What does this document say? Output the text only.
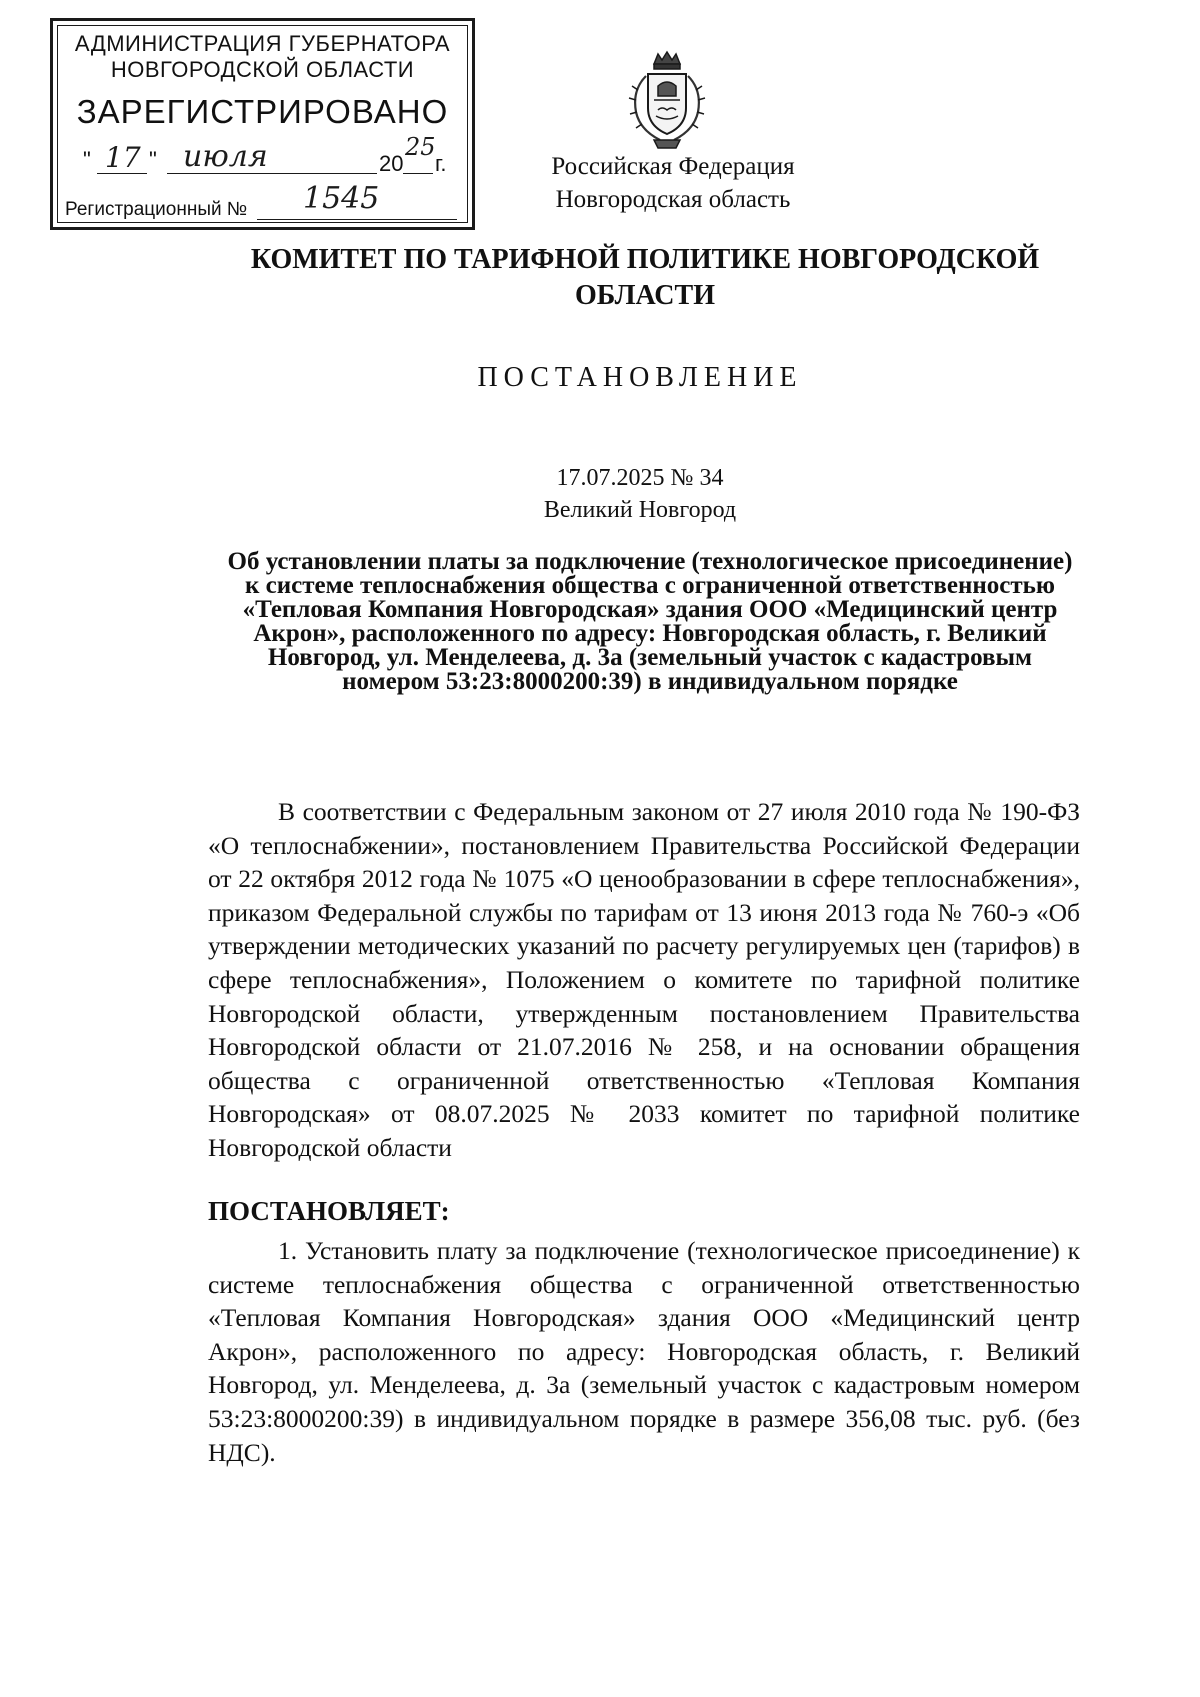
АДМИНИСТРАЦИЯ ГУБЕРНАТОРА
НОВГОРОДСКОЙ ОБЛАСТИ
ЗАРЕГИСТРИРОВАНО
" 17 " июля	20
25
г.
Регистрационный № 1545
Российская Федерация
Новгородская область
КОМИТЕТ ПО ТАРИФНОЙ ПОЛИТИКЕ НОВГОРОДСКОЙ ОБЛАСТИ
ПОСТАНОВЛЕНИЕ
17.07.2025 № 34
Великий Новгород
Об установлении платы за подключение (технологическое присоединение) к системе теплоснабжения общества с ограниченной ответственностью «Тепловая Компания Новгородская» здания ООО «Медицинский центр Акрон», расположенного по адресу: Новгородская область, г. Великий Новгород, ул. Менделеева, д. 3а (земельный участок с кадастровым номером 53:23:8000200:39) в индивидуальном порядке

В соответствии с Федеральным законом от 27 июля 2010 года № 190-ФЗ «О теплоснабжении», постановлением Правительства Российской Федерации от 22 октября 2012 года № 1075 «О ценообразовании в сфере теплоснабжения», приказом Федеральной службы по тарифам от 13 июня 2013 года № 760-э «Об утверждении методических указаний по расчету регулируемых цен (тарифов) в сфере теплоснабжения», Положением о комитете по тарифной политике Новгородской области, утвержденным постановлением Правительства Новгородской области от 21.07.2016 № 258, и на основании обращения общества с ограниченной ответственностью «Тепловая Компания Новгородская» от 08.07.2025 № 2033 комитет по тарифной политике Новгородской области

ПОСТАНОВЛЯЕТ:

1. Установить плату за подключение (технологическое присоединение) к системе теплоснабжения общества с ограниченной ответственностью «Тепловая Компания Новгородская» здания ООО «Медицинский центр Акрон», расположенного по адресу: Новгородская область, г. Великий Новгород, ул. Менделеева, д. 3а (земельный участок с кадастровым номером 53:23:8000200:39) в индивидуальном порядке в размере 356,08 тыс. руб. (без НДС).
